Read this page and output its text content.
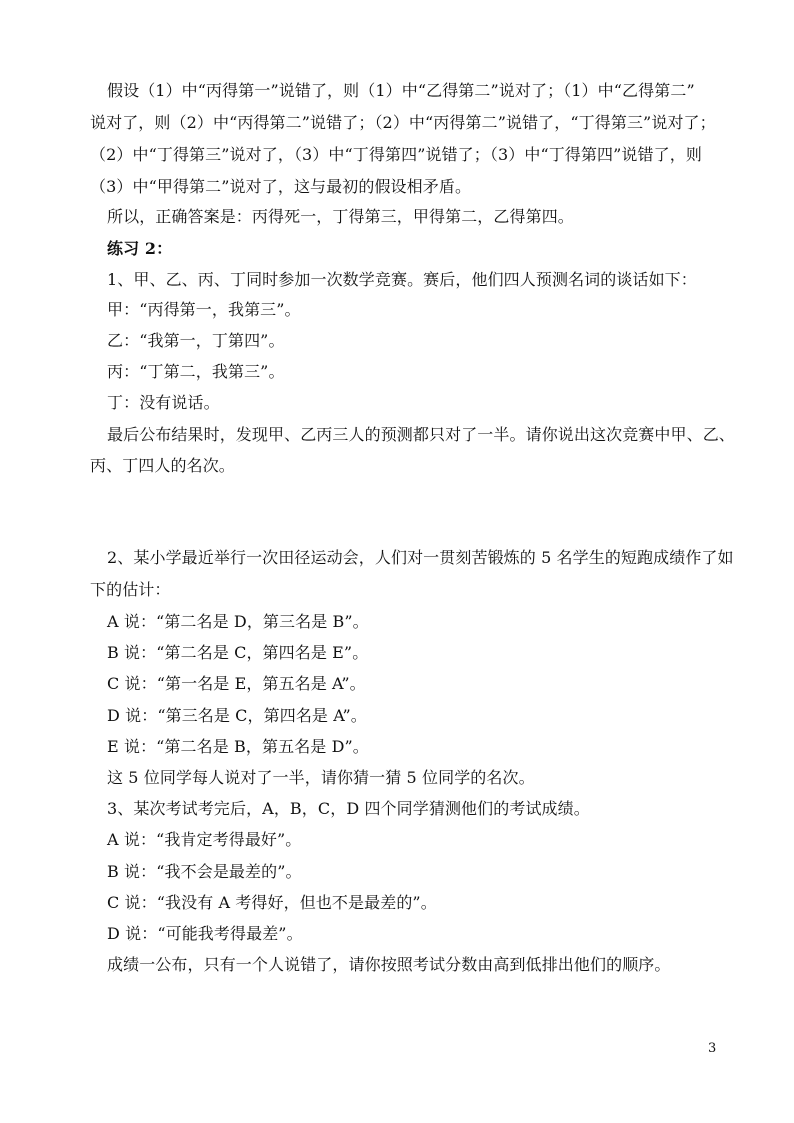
假设（1）中“丙得第一”说错了，则（1）中“乙得第二”说对了；（1）中“乙得第二”
说对了，则（2）中“丙得第二”说错了；（2）中“丙得第二”说错了，“丁得第三”说对了；
（2）中“丁得第三”说对了，（3）中“丁得第四”说错了；（3）中“丁得第四”说错了，则
（3）中“甲得第二”说对了，这与最初的假设相矛盾。
所以，正确答案是：丙得死一，丁得第三，甲得第二，乙得第四。
练习 2：
1、甲、乙、丙、丁同时参加一次数学竞赛。赛后，他们四人预测名词的谈话如下：
甲：“丙得第一，我第三”。
乙：“我第一，丁第四”。
丙：“丁第二，我第三”。
丁：没有说话。
最后公布结果时，发现甲、乙丙三人的预测都只对了一半。请你说出这次竞赛中甲、乙、
丙、丁四人的名次。
2、某小学最近举行一次田径运动会，人们对一贯刻苦锻炼的 5 名学生的短跑成绩作了如
下的估计：
A 说：“第二名是 D，第三名是 B”。
B 说：“第二名是 C，第四名是 E”。
C 说：“第一名是 E，第五名是 A”。
D 说：“第三名是 C，第四名是 A”。
E 说：“第二名是 B，第五名是 D”。
这 5 位同学每人说对了一半，请你猜一猜 5 位同学的名次。
3、某次考试考完后，A，B，C，D 四个同学猜测他们的考试成绩。
A 说：“我肯定考得最好”。
B 说：“我不会是最差的”。
C 说：“我没有 A 考得好，但也不是最差的”。
D 说：“可能我考得最差”。
成绩一公布，只有一个人说错了，请你按照考试分数由高到低排出他们的顺序。
3
